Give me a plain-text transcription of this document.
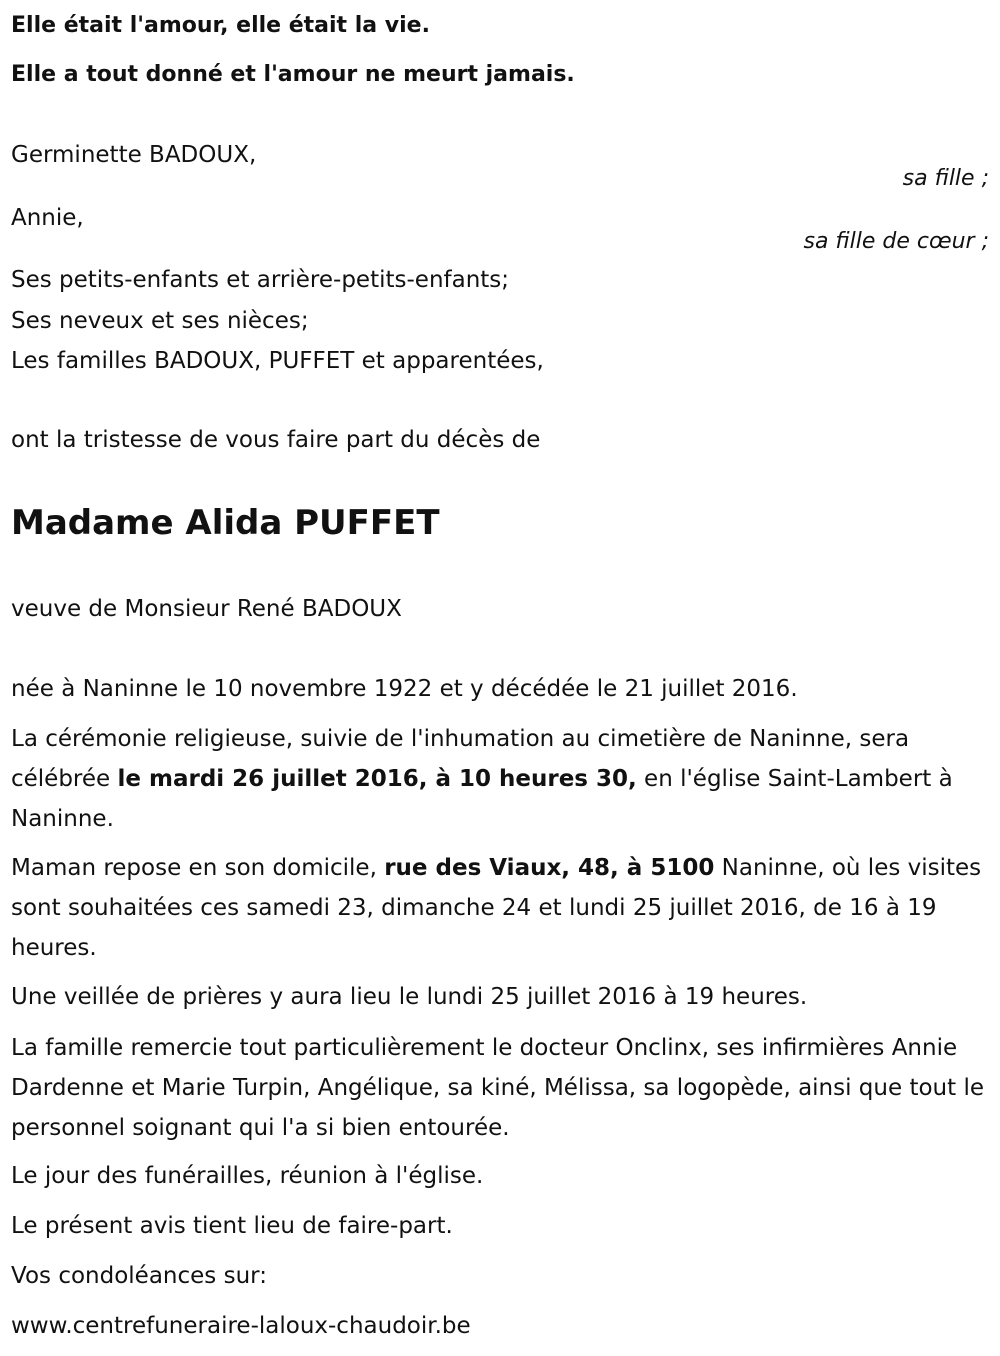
Elle était l'amour, elle était la vie.

Elle a tout donné et l'amour ne meurt jamais.

Germinette BADOUX,

sa fille ;

Annie,

sa fille de cœur ;

Ses petits-enfants et arrière-petits-enfants;

Ses neveux et ses nièces;

Les familles BADOUX, PUFFET et apparentées,

ont la tristesse de vous faire part du décès de

Madame Alida PUFFET

veuve de Monsieur René BADOUX

née à Naninne le 10 novembre 1922 et y décédée le 21 juillet 2016.

La cérémonie religieuse, suivie de l'inhumation au cimetière de Naninne, sera célébrée le mardi 26 juillet 2016, à 10 heures 30, en l'église Saint-Lambert à Naninne.

Maman repose en son domicile, rue des Viaux, 48, à 5100 Naninne, où les visites sont souhaitées ces samedi 23, dimanche 24 et lundi 25 juillet 2016, de 16 à 19 heures.

Une veillée de prières y aura lieu le lundi 25 juillet 2016 à 19 heures.

La famille remercie tout particulièrement le docteur Onclinx, ses infirmières Annie Dardenne et Marie Turpin, Angélique, sa kiné, Mélissa, sa logopède, ainsi que tout le personnel soignant qui l'a si bien entourée.

Le jour des funérailles, réunion à l'église.

Le présent avis tient lieu de faire-part.

Vos condoléances sur:

www.centrefuneraire-laloux-chaudoir.be
